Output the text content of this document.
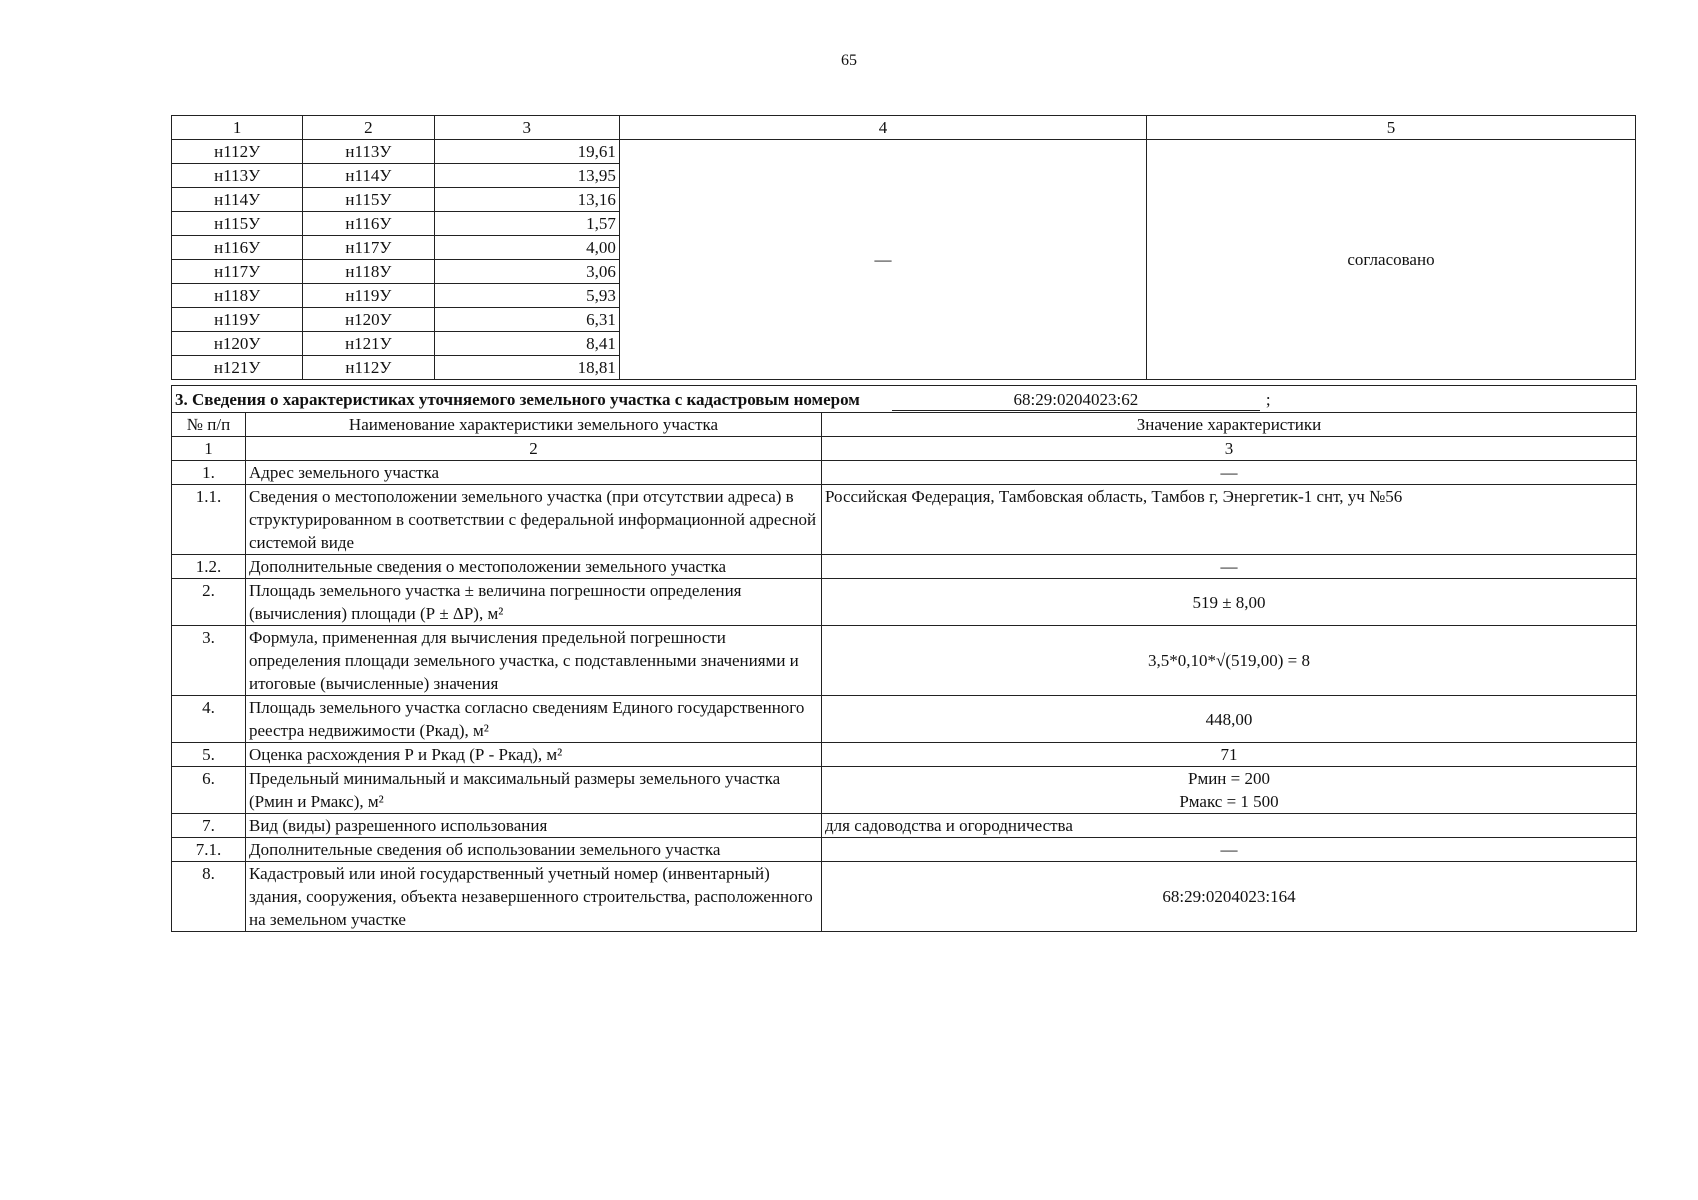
65
1	2	3	4	5
н112У	н113У	19,61	—	согласовано
н113У	н114У	13,95		
н114У	н115У	13,16		
н115У	н116У	1,57		
н116У	н117У	4,00		
н117У	н118У	3,06		
н118У	н119У	5,93		
н119У	н120У	6,31		
н120У	н121У	8,41		
н121У	н112У	18,81		
3. Сведения о характеристиках уточняемого земельного участка с кадастровым номером 68:29:0204023:62 ;		
№ п/п	Наименование характеристики земельного участка	Значение характеристики
1	2	3
1.	Адрес земельного участка	—
1.1.	Сведения о местоположении земельного участка (при отсутствии адреса) в структурированном в соответствии с федеральной информационной адресной системой виде	Российская Федерация, Тамбовская область, Тамбов г, Энергетик-1 снт, уч №56
1.2.	Дополнительные сведения о местоположении земельного участка	—
2.	Площадь земельного участка ± величина погрешности определения (вычисления) площади (Р ± ΔР), м²	519 ± 8,00
3.	Формула, примененная для вычисления предельной погрешности определения площади земельного участка, с подставленными значениями и итоговые (вычисленные) значения	3,5*0,10*√(519,00) = 8
4.	Площадь земельного участка согласно сведениям Единого государственного реестра недвижимости (Ркад), м²	448,00
5.	Оценка расхождения Р и Ркад (Р - Ркад), м²	71
6.	Предельный минимальный и максимальный размеры земельного участка (Рмин и Рмакс), м²	Рмин = 200
Рмакс = 1 500

7.	Вид (виды) разрешенного использования	для садоводства и огородничества
7.1.	Дополнительные сведения об использовании земельного участка	—
8.	Кадастровый или иной государственный учетный номер (инвентарный) здания, сооружения, объекта незавершенного строительства, расположенного на земельном участке	68:29:0204023:164
